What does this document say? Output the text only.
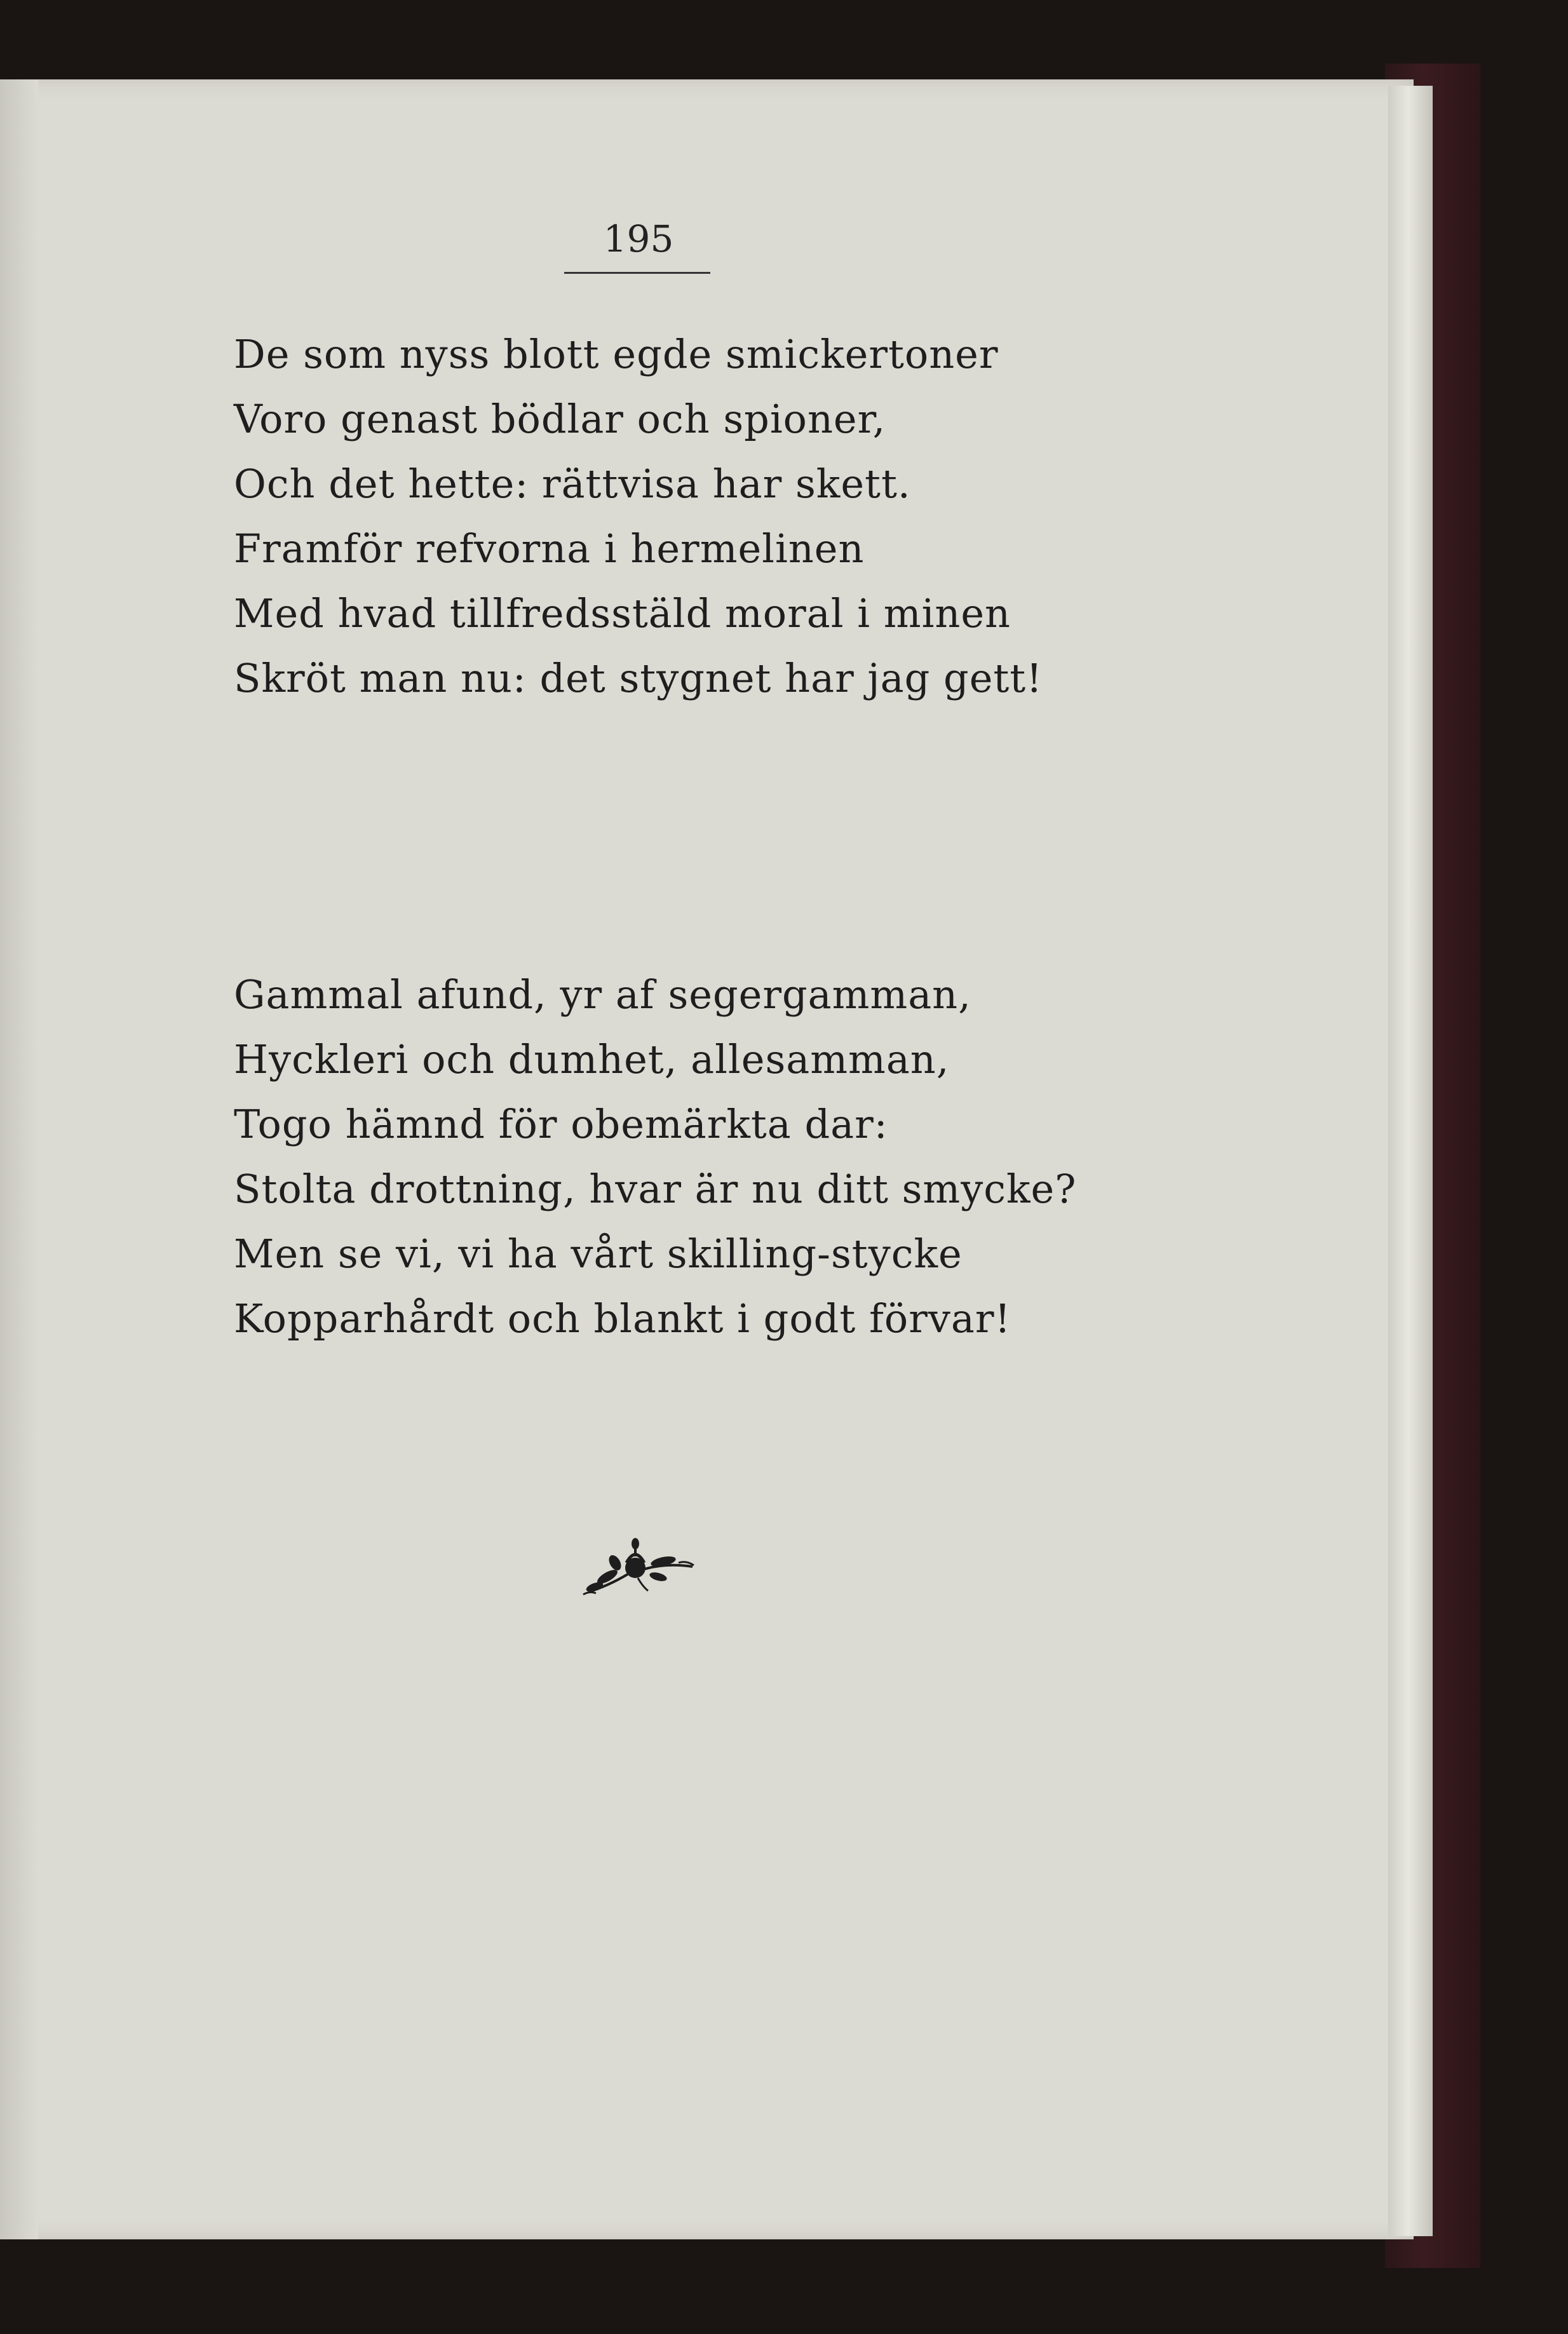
195
De som nyss blott egde smickertoner
Voro genast bödlar och spioner,
Och det hette: rättvisa har skett.
Framför refvorna i hermelinen
Med hvad tillfredsstäld moral i minen
Skröt man nu: det stygnet har jag gett!
Gammal afund, yr af segergamman,
Hyckleri och dumhet, allesamman,
Togo hämnd för obemärkta dar:
Stolta drottning, hvar är nu ditt smycke?
Men se vi, vi ha vårt skilling-stycke
Kopparhårdt och blankt i godt förvar!
